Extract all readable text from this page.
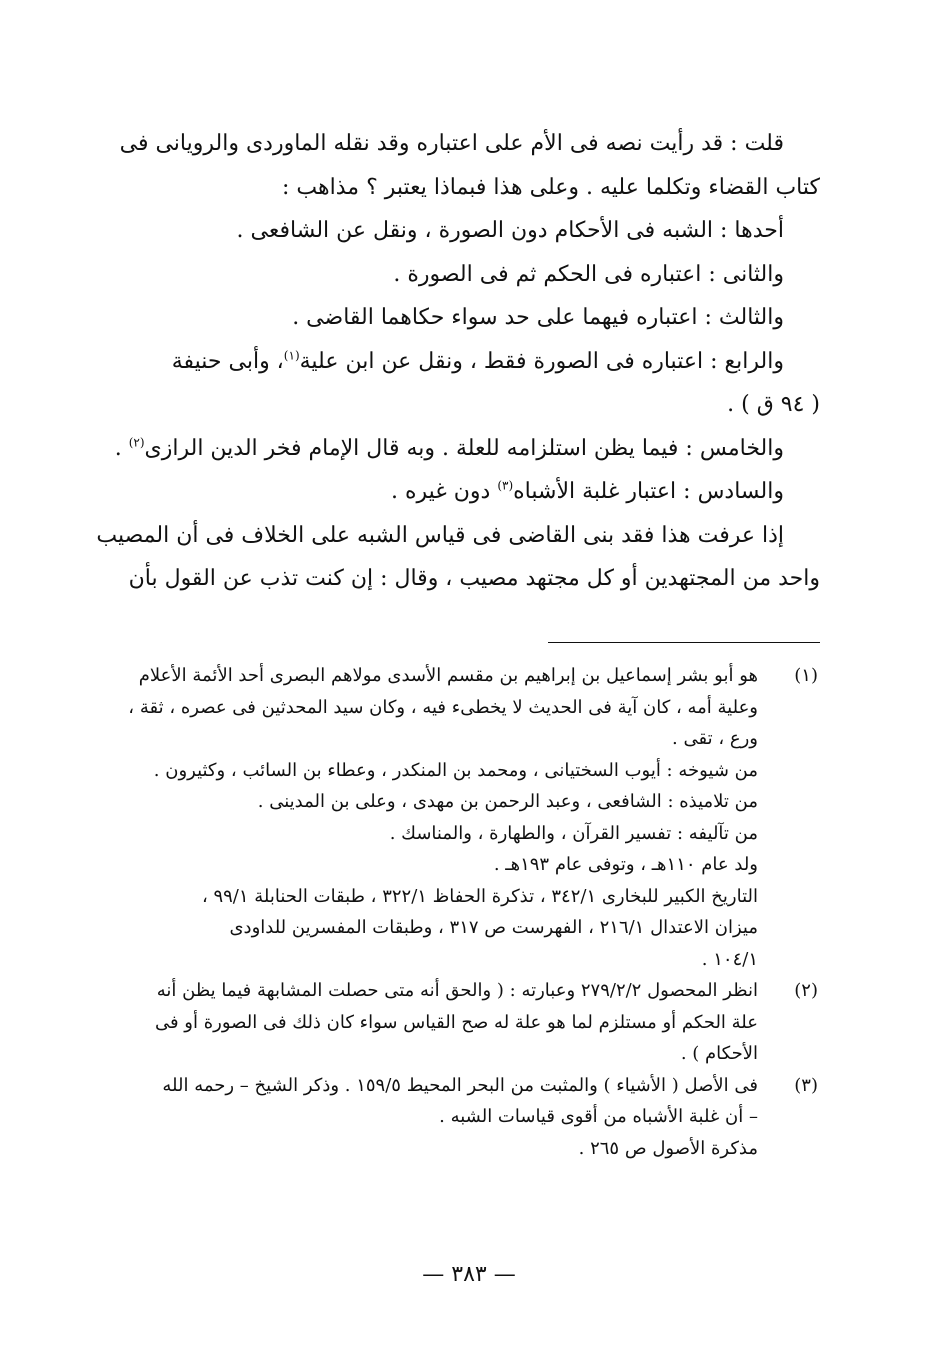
قلت : قد رأيت نصه فى الأم على اعتباره وقد نقله الماوردى والرويانى فى

كتاب القضاء وتكلما عليه . وعلى هذا فبماذا يعتبر ؟ مذاهب :

أحدها : الشبه فى الأحكام دون الصورة ، ونقل عن الشافعى .

والثانى : اعتباره فى الحكم ثم فى الصورة .

والثالث : اعتباره فيهما على حد سواء حكاهما القاضى .

والرابع : اعتباره فى الصورة فقط ، ونقل عن ابن علية$^{(١)}$، وأبى حنيفة

( ٩٤ ق ) .

والخامس : فيما يظن استلزامه للعلة . وبه قال الإمام فخر الدين الرازى$^{(٢)}$ .

والسادس : اعتبار غلبة الأشباه$^{(٣)}$ دون غيره .

إذا عرفت هذا فقد بنى القاضى فى قياس الشبه على الخلاف فى أن المصيب

واحد من المجتهدين أو كل مجتهد مصيب ، وقال : إن كنت تذب عن القول بأن

(١)
هو أبو بشر إسماعيل بن إبراهيم بن مقسم الأسدى مولاهم البصرى أحد الأئمة الأعلام
وعلية أمه ، كان آية فى الحديث لا يخطىء فيه ، وكان سيد المحدثين فى عصره ، ثقة ،
ورع ، تقى .
من شيوخه : أيوب السختيانى ، ومحمد بن المنكدر ، وعطاء بن السائب ، وكثيرون .
من تلاميذه : الشافعى ، وعبد الرحمن بن مهدى ، وعلى بن المدينى .
من تآليفه : تفسير القرآن ، والطهارة ، والمناسك .
ولد عام ١١٠هـ ، وتوفى عام ١٩٣هـ .
التاريخ الكبير للبخارى ٣٤٢/١ ، تذكرة الحفاظ ٣٢٢/١ ، طبقات الحنابلة ٩٩/١ ،
ميزان الاعتدال ٢١٦/١ ، الفهرست ص ٣١٧ ، وطبقات المفسرين للداودى
١٠٤/١ .
(٢)
انظر المحصول ٢٧٩/٢/٢ وعبارته : ( والحق أنه متى حصلت المشابهة فيما يظن أنه
علة الحكم أو مستلزم لما هو علة له صح القياس سواء كان ذلك فى الصورة أو فى
الأحكام ) .
(٣)
فى الأصل ( الأشياء ) والمثبت من البحر المحيط ١٥٩/٥ . وذكر الشيخ – رحمه الله
– أن غلبة الأشباه من أقوى قياسات الشبه .
مذكرة الأصول ص ٢٦٥ .
— ٣٨٣ —
